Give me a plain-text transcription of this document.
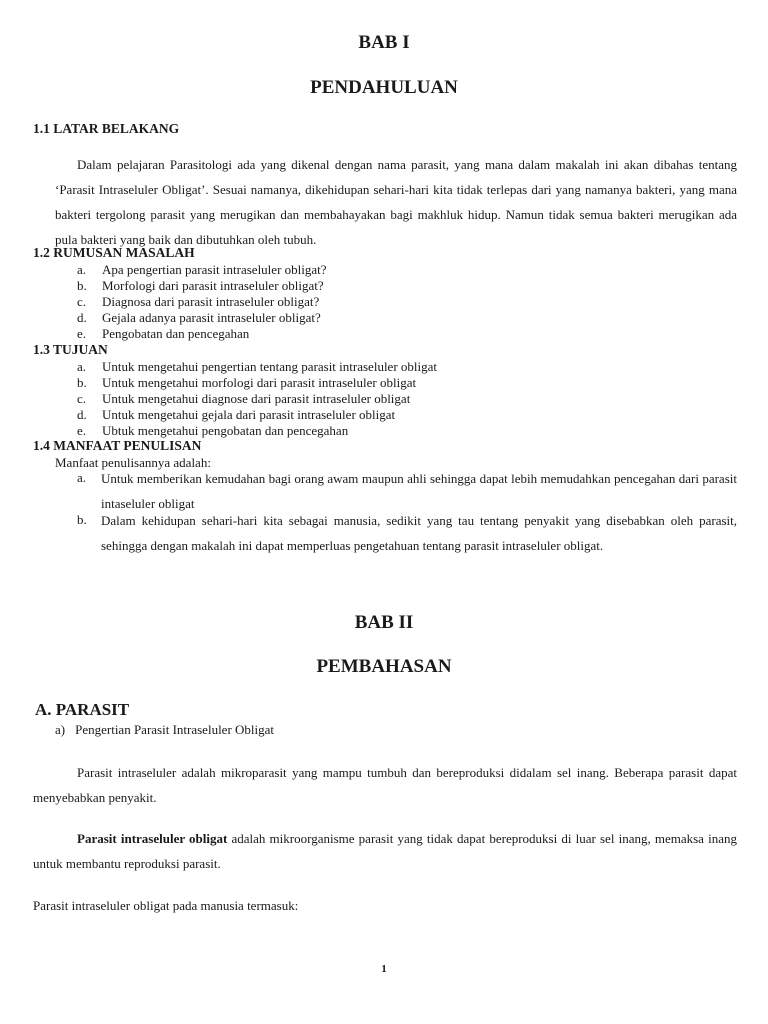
BAB I
PENDAHULUAN
1.1 LATAR BELAKANG
Dalam pelajaran Parasitologi ada yang dikenal dengan nama parasit, yang mana dalam makalah ini akan dibahas tentang ‘Parasit Intraseluler Obligat’. Sesuai namanya, dikehidupan sehari-hari kita tidak terlepas dari yang namanya bakteri, yang mana bakteri tergolong parasit yang merugikan dan membahayakan bagi makhluk hidup. Namun tidak semua bakteri merugikan ada pula bakteri yang baik dan dibutuhkan oleh tubuh.
1.2 RUMUSAN MASALAH
a. Apa pengertian parasit intraseluler obligat?
b. Morfologi dari parasit intraseluler obligat?
c. Diagnosa dari parasit intraseluler obligat?
d. Gejala adanya parasit intraseluler obligat?
e. Pengobatan dan pencegahan
1.3 TUJUAN
a. Untuk mengetahui pengertian tentang parasit intraseluler obligat
b. Untuk mengetahui morfologi dari parasit intraseluler obligat
c. Untuk mengetahui diagnose dari parasit intraseluler obligat
d. Untuk mengetahui gejala dari parasit intraseluler obligat
e. Ubtuk mengetahui pengobatan dan pencegahan
1.4 MANFAAT PENULISAN
Manfaat penulisannya adalah:
a. Untuk memberikan kemudahan bagi orang awam maupun ahli sehingga dapat lebih memudahkan pencegahan dari parasit intaseluler obligat
b. Dalam kehidupan sehari-hari kita sebagai manusia, sedikit yang tau tentang penyakit yang disebabkan oleh parasit, sehingga dengan makalah ini dapat memperluas pengetahuan tentang parasit intraseluler obligat.
BAB II
PEMBAHASAN
A. PARASIT
a) Pengertian Parasit Intraseluler Obligat
Parasit intraseluler adalah mikroparasit yang mampu tumbuh dan bereproduksi didalam sel inang. Beberapa parasit dapat menyebabkan penyakit.
Parasit intraseluler obligat adalah mikroorganisme parasit yang tidak dapat bereproduksi di luar sel inang, memaksa inang untuk membantu reproduksi parasit.
Parasit intraseluler obligat pada manusia termasuk:
1
